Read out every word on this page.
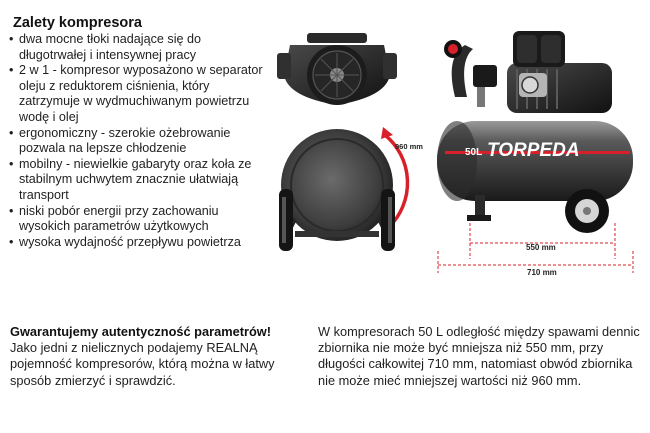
Zalety kompresora
• dwa mocne tłoki nadające się do długotrwałej i intensywnej pracy
• 2 w 1 - kompresor wyposażono w separator oleju z reduktorem ciśnienia, który zatrzymuje w wydmuchiwanym powietrzu wodę i olej
• ergonomiczny - szerokie ożebrowanie pozwala na lepsze chłodzenie
• mobilny - niewielkie gabaryty oraz koła ze stabilnym uchwytem znacznie ułatwiają transport
• niski pobór energii przy zachowaniu wysokich parametrów użytkowych
• wysoka wydajność przepływu powietrza
960 mm	TORPEDA
50L
550 mm
710 mm
Gwarantujemy autentyczność parametrów!
Jako jedni z nielicznych podajemy REALNĄ pojemność kompresorów, którą można w łatwy sposób zmierzyć i sprawdzić.
W kompresorach 50 L odległość między spawami dennic zbiornika nie może być mniejsza niż 550 mm, przy długości całkowitej 710 mm, natomiast obwód zbiornika nie może mieć mniejszej wartości niż 960 mm.
